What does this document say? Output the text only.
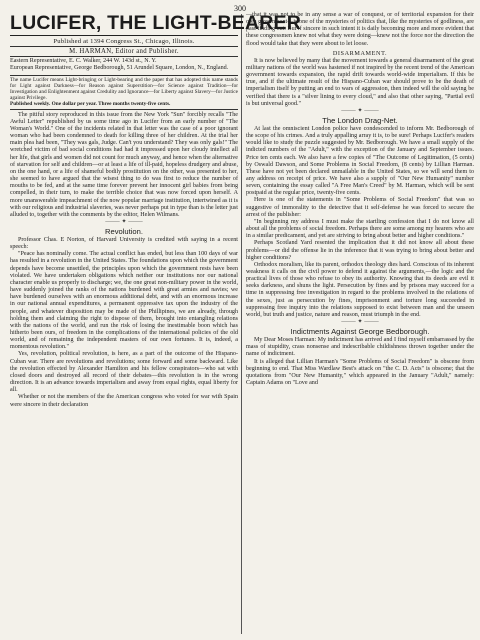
300
LUCIFER, THE LIGHT-BEARER
Published at 1394 Congress St., Chicago, Illinois.
M. HARMAN, Editor and Publisher.

Eastern Representative, E. C. Walker, 244 W. 143d st., N. Y.

European Representative, George Bedborough, 51 Arundel Square, London, N., England.

The name Lucifer means Light-bringing or Light-bearing and the paper that has adopted this name stands for Light against Darkness—for Reason against Superstition—for Science against Tradition—for Investigation and Enlightenment against Credulity and Ignorance—for Liberty against Slavery—for Justice against Privilege.
Published weekly. One dollar per year. Three months twenty-five cents.

The pitiful story reproduced in this issue from the New York "Sun" forcibly recalls "The Awful Letter" republished by us some time ago in Lucifer from an early number of "The Woman's World." One of the incidents related in that letter was the case of a poor ignorant woman who had been condemned to death for killing three of her children. At the trial her main plea had been, "They was gals, Judge. Can't you understand? They was only gals!" The wretched victim of bad social conditions had had it impressed upon her cloudy intellect all her life, that girls and women did not count for much anyway, and hence when the alternative of starvation for self and children—or at least a life of ill-paid, hopeless drudgery and abuse, on the one hand, or a life of shameful bodily prostitution on the other, was presented to her, she seemed to have argued that the wisest thing to do was first to reduce the number of mouths to be fed, and at the same time forever prevent her innocent girl babies from being compelled, in their turn, to make the terrible choice that was now forced upon herself. A more unanswerable impeachment of the now popular marriage institution, intertwined as it is with our religious and industrial slaveries, was never perhaps put in type than is the letter just alluded to, together with the comments by the editor, Helen Wilmans.

⸻ ✦ ⸻
Revolution.

Professor Chas. E Norton, of Harvard University is credited with saying in a recent speech:

"Peace has nominally come. The actual conflict has ended, but less than 100 days of war has resulted in a revolution in the United States. The foundations upon which the government depends have become unsettled, the principles upon which the government rests have been violated. We have undertaken obligations which neither our institutions nor our national character enable us properly to discharge; we, the one great non-military power in the world, have suddenly joined the ranks of the nations burdened with great armies and navies; we have burdened ourselves with an enormous additional debt, and with an enormous increase in our national annual expenditures, a permanent oppressive tax upon the industry of the people, and whatever disposition may be made of the Phillipines, we are already, through holding them and claiming the right to dispose of them, brought into entangling relations with the nations of the world, and run the risk of losing the inestimable boon which has hitherto been ours, of freedom in the complications of the international policies of the old world, and of remaining the independent masters of our own fortunes. It is, indeed, a momentous revolution."

Yes, revolution, political revolution, is here, as a part of the outcome of the Hispano-Cuban war. There are revolutions and revolutions; some forward and some backward. Like the revolution effected by Alexander Hamilton and his fellow conspirators—who sat with closed doors and destroyed all record of their debates—this revolution is in the wrong direction. It is an advance towards imperialism and away from equal rights, equal liberty for all.

Whether or not the members of the the American congress who voted for war with Spain were sincere in their declaration

—that it was not to be in any sense a war of conquest, or of territorial expansion for their own government—is one of the mysteries of politics that, like the mysteries of godliness, are past finding out. But if sincere in such intent it is daily becoming more and more evident that these congressmen knew not what they were doing—knew not the force nor the direction the flood would take that they were about to let loose.

DISARMAMENT.

It is now believed by many that the movement towards a general disarmament of the great military nations of the world was hastened if not inspired by the recent trend of the American government towards expansion, the rapid drift towards world-wide imperialism. If this be true, and if the ultimate result of the Hispano-Cuban war should prove to be the death of imperialism itself by putting an end to wars of aggression, then indeed will the old saying be verified that there is a "silver lining to every cloud," and also that other saying, "Partial evil is but universal good."

⸻ ✦ ⸻
The London Drag-Net.

At last the omniscient London police have condescended to inform Mr. Bedborough of the scope of his crimes. And a truly appalling array it is, to be sure! Perhaps Lucifer's readers would like to study the puzzle suggested by Mr. Bedborough. We have a small supply of the indicted numbers of the "Adult," with the exception of the January and September issues. Price ten cents each. We also have a few copies of "The Outcome of Legitimation, (5 cents) by Oswald Dawson, and Some Problems in Social Freedom, (8 cents) by Lillian Harman. These have not yet been declared unmailable in the United States, so we will send them to any address on receipt of price. We have also a supply of "Our New Humanity" number seven, containing the essay called "A Free Man's Creed" by M. Harman, which will be sent postpaid at the regular price, twenty-five cents.

Here is one of the statements in "Some Problems of Social Freedom" that was so suggestive of immorality to the detective that it self-defense he was forced to secure the arrest of the publisher:

"In beginning my address I must make the startling confession that I do not know all about all the problems of social freedom. Perhaps there are some among my hearers who are in a similar predicament, and yet are striving to bring about better and higher conditions."

Perhaps Scotland Yard resented the implication that it did not know all about these problems—or did the offense lie in the inference that it was trying to bring about better and higher conditions?

Orthodox moralism, like its parent, orthodox theology dies hard. Conscious of its inherent weakness it calls on the civil power to defend it against the arguments,—the logic and the practical lives of those who refuse to obey its authority. Knowing that its deeds are evil it seeks darkness, and shuns the light. Persecution by fines and by prisons may succeed for a time in suppressing free investigation in regard to the problems involved in the relations of the sexes, just as persecution by fines, imprisonment and torture long succeeded in suppressing free inquiry into the relations supposed to exist between man and the unseen world, but truth and justice, nature and reason, must triumph in the end.

⸻ ✦ ⸻
Indictments Against George Bedborough.

My Dear Moses Harman: My indictment has arrived and I find myself embarrassed by the mass of stupidity, crass nonsense and indescribable childishness thrown together under the name of indictment.

It is alleged that Lillian Harman's "Some Problems of Social Freedom" is obscene from beginning to end. That Miss Wardlaw Best's attack on "the C. D. Acts" is obscene; that the quotations from "Our New Humanity," which appeared in the January "Adult," namely: Captain Adams on "Love and
